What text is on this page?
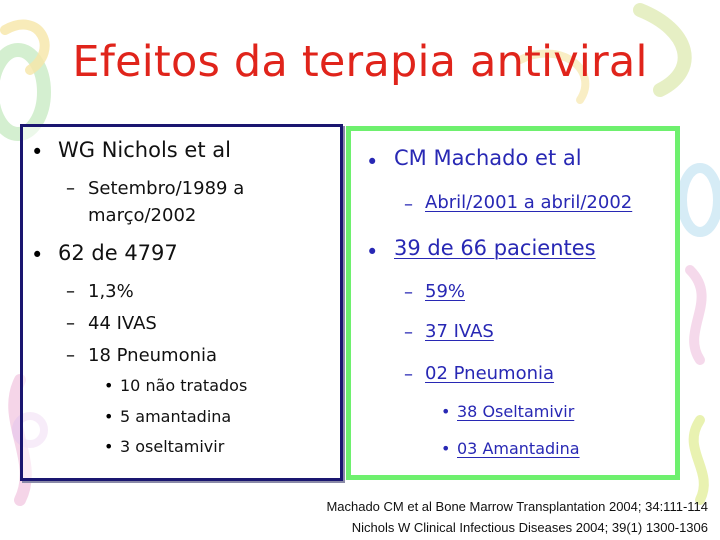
Efeitos da terapia antiviral
• WG Nichols et al
– Setembro/1989 a
março/2002
• 62 de 4797
– 1,3%
– 44 IVAS
– 18 Pneumonia
• 10 não tratados
• 5 amantadina
• 3 oseltamivir
• CM Machado et al
– Abril/2001 a abril/2002
• 39 de 66 pacientes
– 59%
– 37 IVAS
– 02 Pneumonia
• 38 Oseltamivir
• 03 Amantadina
Machado CM et al Bone Marrow Transplantation 2004; 34:111-114
Nichols W Clinical Infectious Diseases 2004; 39(1) 1300-1306
